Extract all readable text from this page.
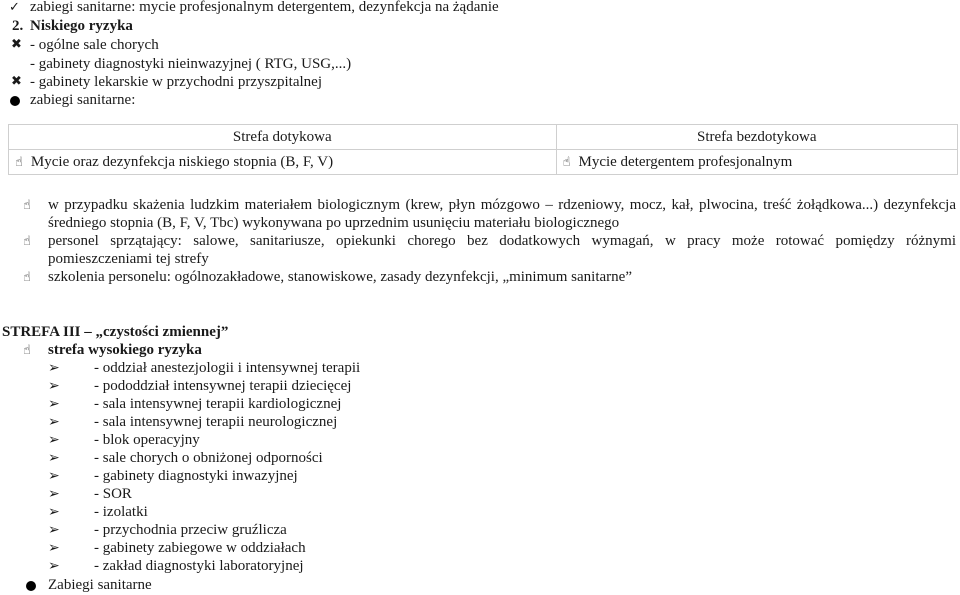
✓ zabiegi sanitarne: mycie profesjonalnym detergentem, dezynfekcja na żądanie
2. Niskiego ryzyka
✖ - ogólne sale chorych
- gabinety diagnostyki nieinwazyjnej ( RTG, USG,...)
✖ - gabinety lekarskie w przychodni przyszpitalnej
zabiegi sanitarne:
Strefa dotykowa	Strefa bezdotykowa
☝ Mycie oraz dezynfekcja niskiego stopnia (B, F, V)	☝ Mycie detergentem profesjonalnym
☝ w przypadku skażenia ludzkim materiałem biologicznym (krew, płyn mózgowo – rdzeniowy, mocz, kał, plwocina, treść żołądkowa...) dezynfekcja średniego stopnia (B, F, V, Tbc) wykonywana po uprzednim usunięciu materiału biologicznego
☝ personel sprzątający: salowe, sanitariusze, opiekunki chorego bez dodatkowych wymagań, w pracy może rotować pomiędzy różnymi pomieszczeniami tej strefy
☝ szkolenia personelu: ogólnozakładowe, stanowiskowe, zasady dezynfekcji, „minimum sanitarne”
STREFA III – „czystości zmiennej”
☝ strefa wysokiego ryzyka
➢ - oddział anestezjologii i intensywnej terapii
➢ - pododdział intensywnej terapii dziecięcej
➢ - sala intensywnej terapii kardiologicznej
➢ - sala intensywnej terapii neurologicznej
➢ - blok operacyjny
➢ - sale chorych o obniżonej odporności
➢ - gabinety diagnostyki inwazyjnej
➢ - SOR
➢ - izolatki
➢ - przychodnia przeciw gruźlicza
➢ - gabinety zabiegowe w oddziałach
➢ - zakład diagnostyki laboratoryjnej
Zabiegi sanitarne
